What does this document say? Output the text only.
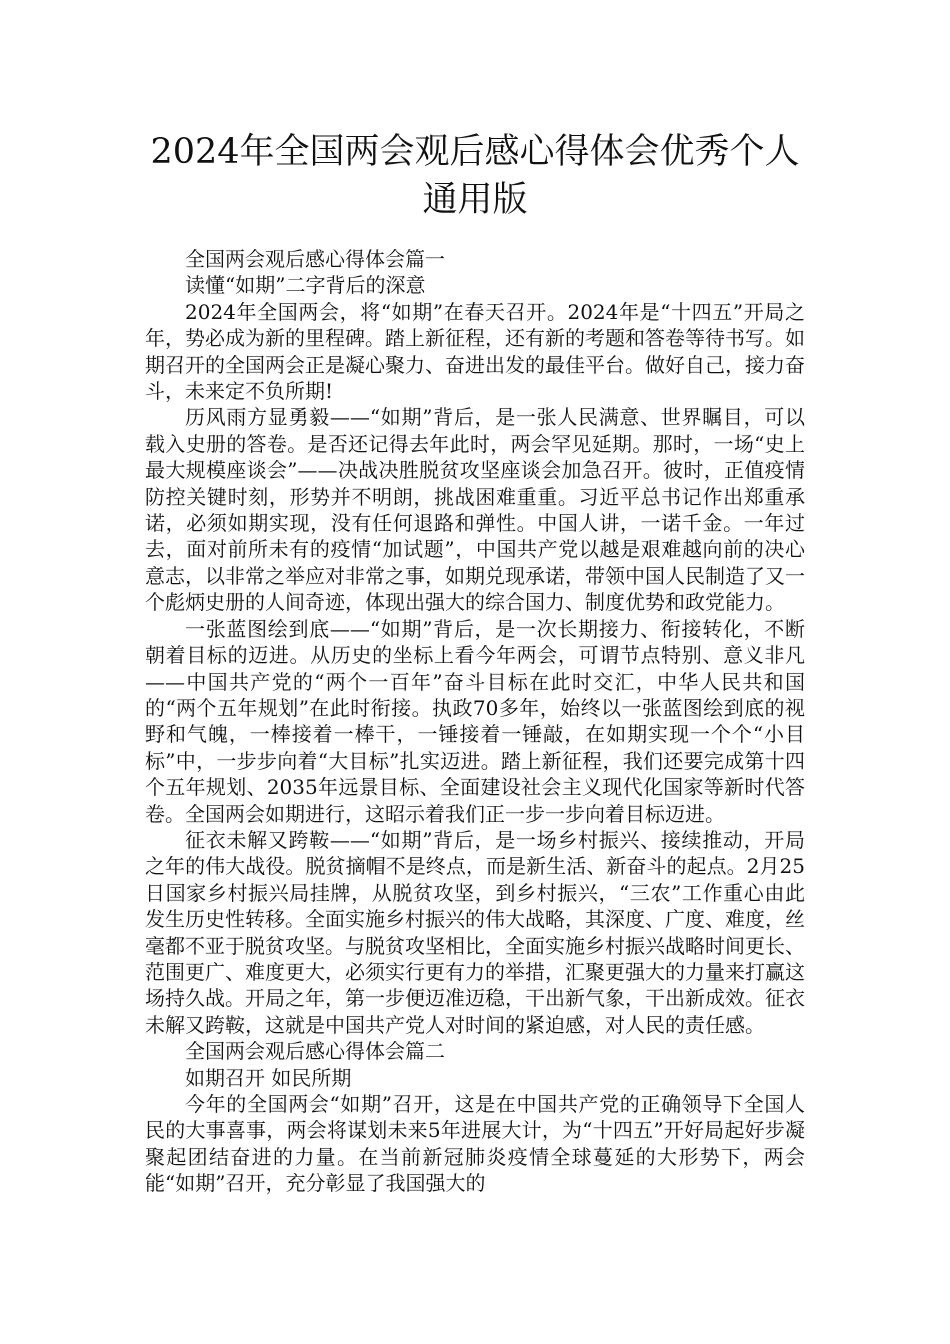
2024年全国两会观后感心得体会优秀个人
通用版

全国两会观后感心得体会篇一

读懂“如期”二字背后的深意

2024年全国两会，将“如期”在春天召开。2024年是“十四五”开局之年，势必成为新的里程碑。踏上新征程，还有新的考题和答卷等待书写。如期召开的全国两会正是凝心聚力、奋进出发的最佳平台。做好自己，接力奋斗，未来定不负所期!

历风雨方显勇毅——“如期”背后，是一张人民满意、世界瞩目，可以载入史册的答卷。是否还记得去年此时，两会罕见延期。那时，一场“史上最大规模座谈会”——决战决胜脱贫攻坚座谈会加急召开。彼时，正值疫情防控关键时刻，形势并不明朗，挑战困难重重。习近平总书记作出郑重承诺，必须如期实现，没有任何退路和弹性。中国人讲，一诺千金。一年过去，面对前所未有的疫情“加试题”，中国共产党以越是艰难越向前的决心意志，以非常之举应对非常之事，如期兑现承诺，带领中国人民制造了又一个彪炳史册的人间奇迹，体现出强大的综合国力、制度优势和政党能力。

一张蓝图绘到底——“如期”背后，是一次长期接力、衔接转化，不断朝着目标的迈进。从历史的坐标上看今年两会，可谓节点特别、意义非凡——中国共产党的“两个一百年”奋斗目标在此时交汇，中华人民共和国的“两个五年规划”在此时衔接。执政70多年，始终以一张蓝图绘到底的视野和气魄，一棒接着一棒干，一锤接着一锤敲，在如期实现一个个“小目标”中，一步步向着“大目标”扎实迈进。踏上新征程，我们还要完成第十四个五年规划、2035年远景目标、全面建设社会主义现代化国家等新时代答卷。全国两会如期进行，这昭示着我们正一步一步向着目标迈进。

征衣未解又跨鞍——“如期”背后，是一场乡村振兴、接续推动，开局之年的伟大战役。脱贫摘帽不是终点，而是新生活、新奋斗的起点。2月25日国家乡村振兴局挂牌，从脱贫攻坚，到乡村振兴，“三农”工作重心由此发生历史性转移。全面实施乡村振兴的伟大战略，其深度、广度、难度，丝毫都不亚于脱贫攻坚。与脱贫攻坚相比，全面实施乡村振兴战略时间更长、范围更广、难度更大，必须实行更有力的举措，汇聚更强大的力量来打赢这场持久战。开局之年，第一步便迈准迈稳，干出新气象，干出新成效。征衣未解又跨鞍，这就是中国共产党人对时间的紧迫感，对人民的责任感。

全国两会观后感心得体会篇二

如期召开 如民所期

今年的全国两会“如期”召开，这是在中国共产党的正确领导下全国人民的大事喜事，两会将谋划未来5年进展大计，为“十四五”开好局起好步凝聚起团结奋进的力量。在当前新冠肺炎疫情全球蔓延的大形势下，两会能“如期”召开，充分彰显了我国强大的
